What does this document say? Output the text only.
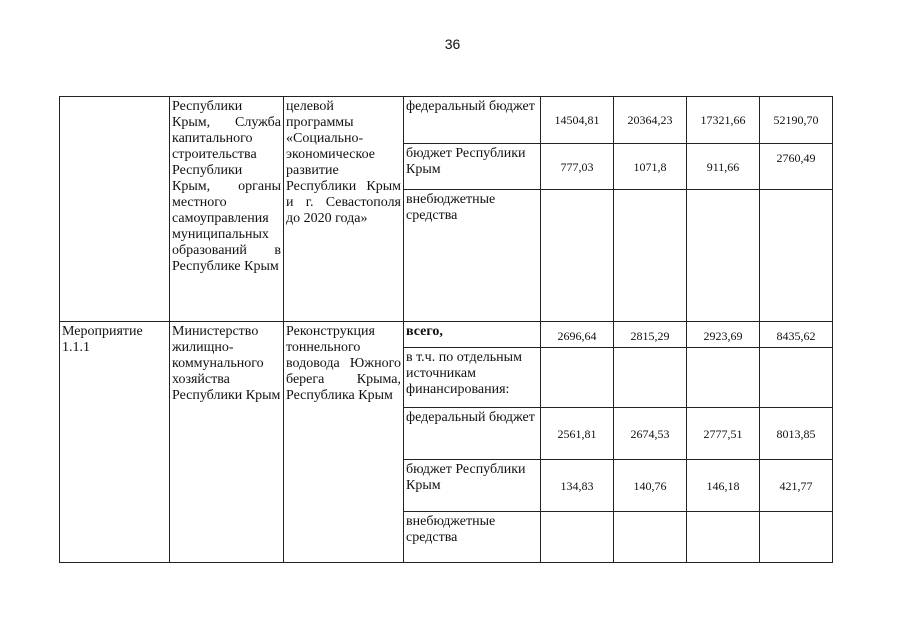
36
	Республики Крым, Служба капитального строительства Республики Крым, органы местного самоуправления муниципальных образований в Республике Крым	целевой программы «Социально-экономическое развитие Республики Крым и г. Севастополя до 2020 года»	федеральный бюджет	14504,81	20364,23	17321,66	52190,70
			бюджет Республики Крым	777,03	1071,8	911,66	2760,49
			внебюджетные средства				
Мероприятие 1.1.1	Министерство жилищно-коммунального хозяйства Республики Крым	Реконструкция тоннельного водовода Южного берега Крыма, Республика Крым	всего,	2696,64	2815,29	2923,69	8435,62
			в т.ч. по отдельным источникам финансирования:				
			федеральный бюджет	2561,81	2674,53	2777,51	8013,85
			бюджет Республики Крым	134,83	140,76	146,18	421,77
			внебюджетные средства				
